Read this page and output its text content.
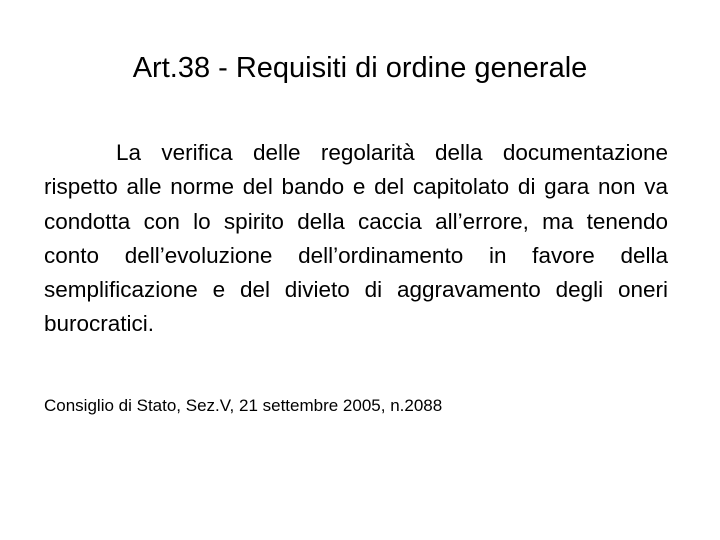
Art.38 - Requisiti di ordine generale

La verifica delle regolarità della documentazione rispetto alle norme del bando e del capitolato di gara non va condotta con lo spirito della caccia all’errore, ma tenendo conto dell’evoluzione dell’ordinamento in favore della semplificazione e del divieto di aggravamento degli oneri burocratici.

Consiglio di Stato, Sez.V, 21 settembre 2005, n.2088
